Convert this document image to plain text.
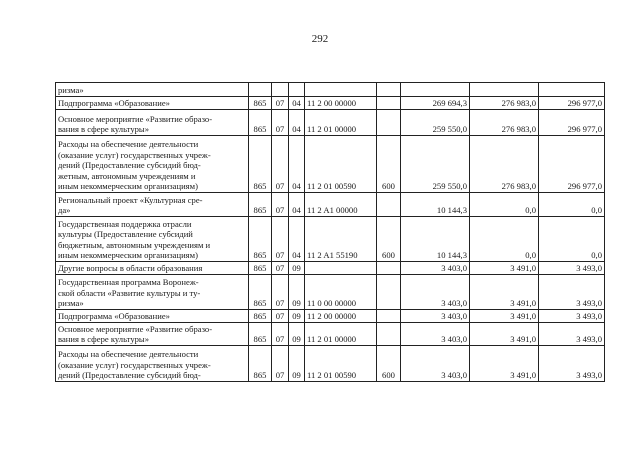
292
ризма»								
Подпрограмма «Образование»	865	07	04	11 2 00 00000		269 694,3	276 983,0	296 977,0
Основное мероприятие «Развитие образо-
вания в сфере культуры»	865	07	04	11 2 01 00000		259 550,0	276 983,0	296 977,0
Расходы на обеспечение деятельности
(оказание услуг) государственных учреж-
дений (Предоставление субсидий бюд-
жетным, автономным учреждениям и
иным некоммерческим организациям)	865	07	04	11 2 01 00590	600	259 550,0	276 983,0	296 977,0
Региональный проект «Культурная сре-
да»	865	07	04	11 2 A1 00000		10 144,3	0,0	0,0
Государственная поддержка отрасли
культуры (Предоставление субсидий
бюджетным, автономным учреждениям и
иным некоммерческим организациям)	865	07	04	11 2 A1 55190	600	10 144,3	0,0	0,0
Другие вопросы в области образования	865	07	09			3 403,0	3 491,0	3 493,0
Государственная программа Воронеж-
ской области «Развитие культуры и ту-
ризма»	865	07	09	11 0 00 00000		3 403,0	3 491,0	3 493,0
Подпрограмма «Образование»	865	07	09	11 2 00 00000		3 403,0	3 491,0	3 493,0
Основное мероприятие «Развитие образо-
вания в сфере культуры»	865	07	09	11 2 01 00000		3 403,0	3 491,0	3 493,0
Расходы на обеспечение деятельности
(оказание услуг) государственных учреж-
дений (Предоставление субсидий бюд-	865	07	09	11 2 01 00590	600	3 403,0	3 491,0	3 493,0
